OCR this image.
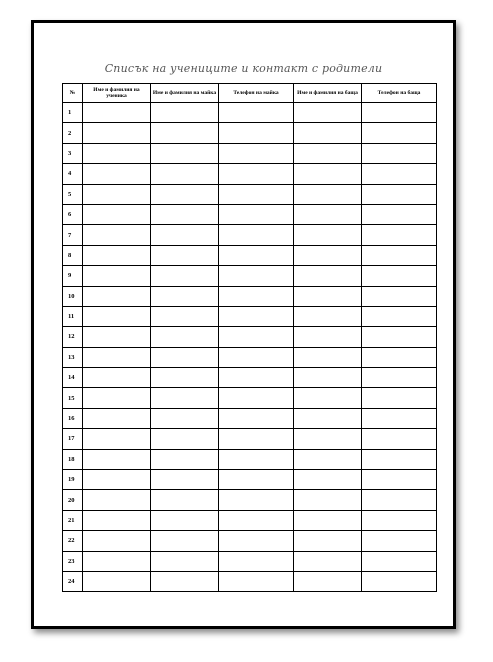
Списък на учениците и контакт с родители
№	Име и фамилия на ученика	Име и фамилия на майка	Телефон на майка	Име и фамилия на баща	Телефон на баща
1					
2					
3					
4					
5					
6					
7					
8					
9					
10					
11					
12					
13					
14					
15					
16					
17					
18					
19					
20					
21					
22					
23					
24					
